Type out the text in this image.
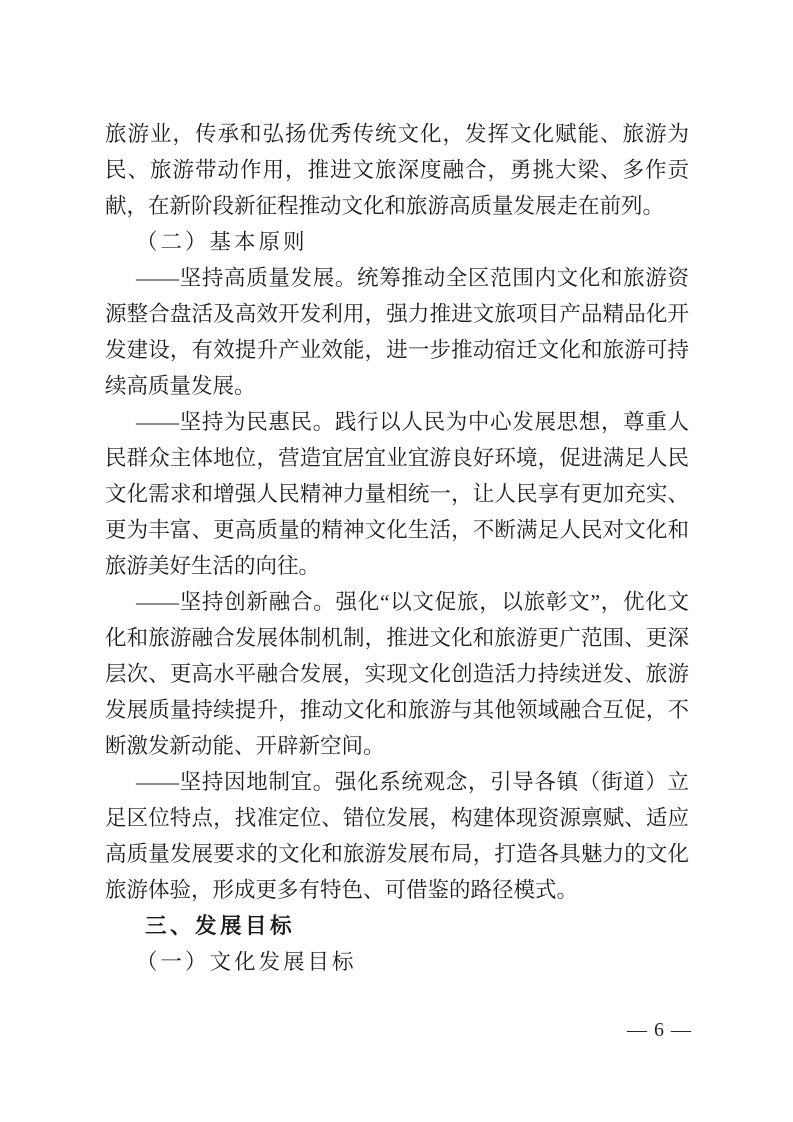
旅游业，传承和弘扬优秀传统文化，发挥文化赋能、旅游为民、旅游带动作用，推进文旅深度融合，勇挑大梁、多作贡献，在新阶段新征程推动文化和旅游高质量发展走在前列。

（二）基本原则

——坚持高质量发展。统筹推动全区范围内文化和旅游资源整合盘活及高效开发利用，强力推进文旅项目产品精品化开发建设，有效提升产业效能，进一步推动宿迁文化和旅游可持续高质量发展。

——坚持为民惠民。践行以人民为中心发展思想，尊重人民群众主体地位，营造宜居宜业宜游良好环境，促进满足人民文化需求和增强人民精神力量相统一，让人民享有更加充实、更为丰富、更高质量的精神文化生活，不断满足人民对文化和旅游美好生活的向往。

——坚持创新融合。强化“以文促旅，以旅彰文”，优化文化和旅游融合发展体制机制，推进文化和旅游更广范围、更深层次、更高水平融合发展，实现文化创造活力持续迸发、旅游发展质量持续提升，推动文化和旅游与其他领域融合互促，不断激发新动能、开辟新空间。

——坚持因地制宜。强化系统观念，引导各镇（街道）立足区位特点，找准定位、错位发展，构建体现资源禀赋、适应高质量发展要求的文化和旅游发展布局，打造各具魅力的文化旅游体验，形成更多有特色、可借鉴的路径模式。

三、发展目标

（一）文化发展目标

— 6 —
